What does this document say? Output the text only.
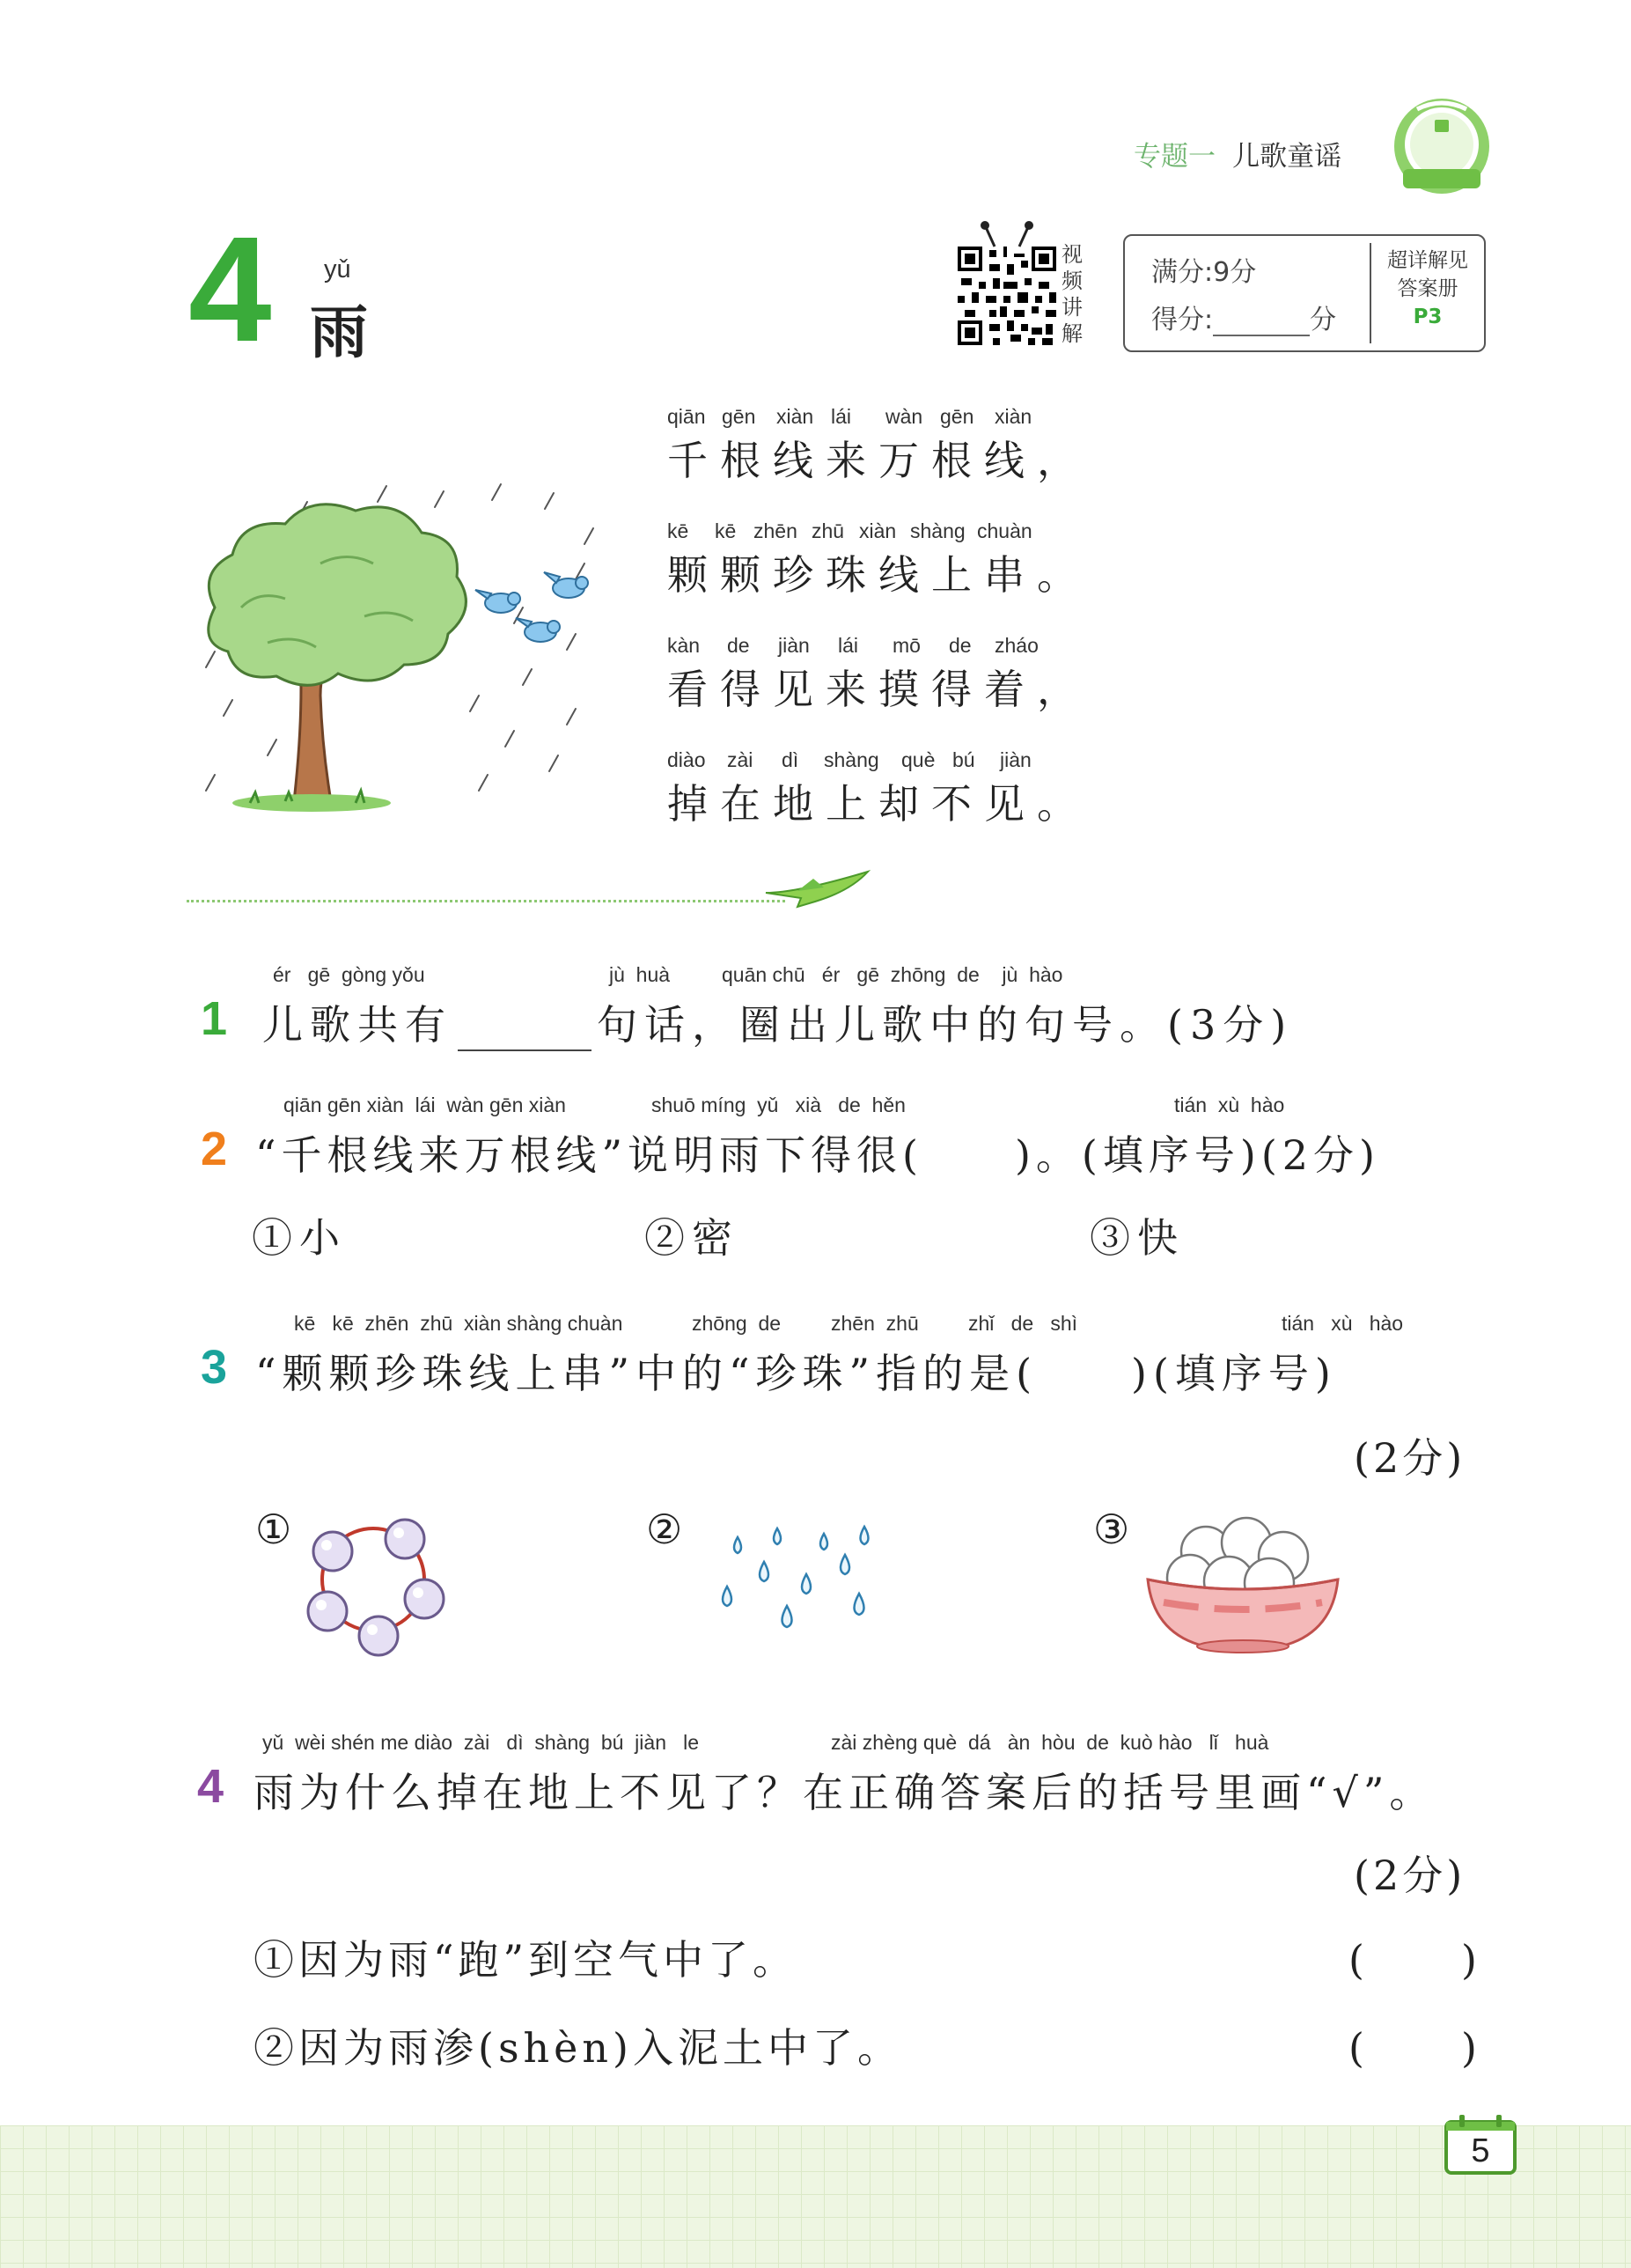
专题一 儿歌童谣
4 yǔ
雨
视
频
讲
解
满分:9分
得分:	分
超详解见
答案册
P3
qiān gēn xiàn lái wàn gēn xiàn
千根线来万根线，
kē kē zhēn zhū xiàn shàng chuàn
颗颗珍珠线上串。
kàn de jiàn lái mō de zháo
看得见来摸得着，
diào zài dì shàng què bú jiàn
掉在地上却不见。
ér   gē  gòng yǒu	jù  huà	quān chū   ér   gē  zhōng  de    jù  hào
1 儿歌共有	句话，圈出儿歌中的句号。(3分)
qiān gēn xiàn  lái  wàn gēn xiàn	shuō míng  yǔ   xià   de  hěn	tián  xù  hào
2 “千根线来万根线”说明雨下得很(　　)。(填序号)(2分)
①小	②密	③快
kē   kē  zhēn  zhū  xiàn shàng chuàn	zhōng  de zhēn  zhū zhǐ   de   shì	tián   xù   hào
3 “颗颗珍珠线上串”中的“珍珠”指的是(　　)(填序号)
(2分)
①	②	③
yǔ  wèi shén me diào  zài   dì  shàng  bú  jiàn   le	zài zhèng què  dá   àn  hòu  de  kuò hào   lǐ   huà
4 雨为什么掉在地上不见了？在正确答案后的括号里画“√”。
(2分)
①因为雨“跑”到空气中了。	(　　)
②因为雨渗(shèn)入泥土中了。	(　　)
5
